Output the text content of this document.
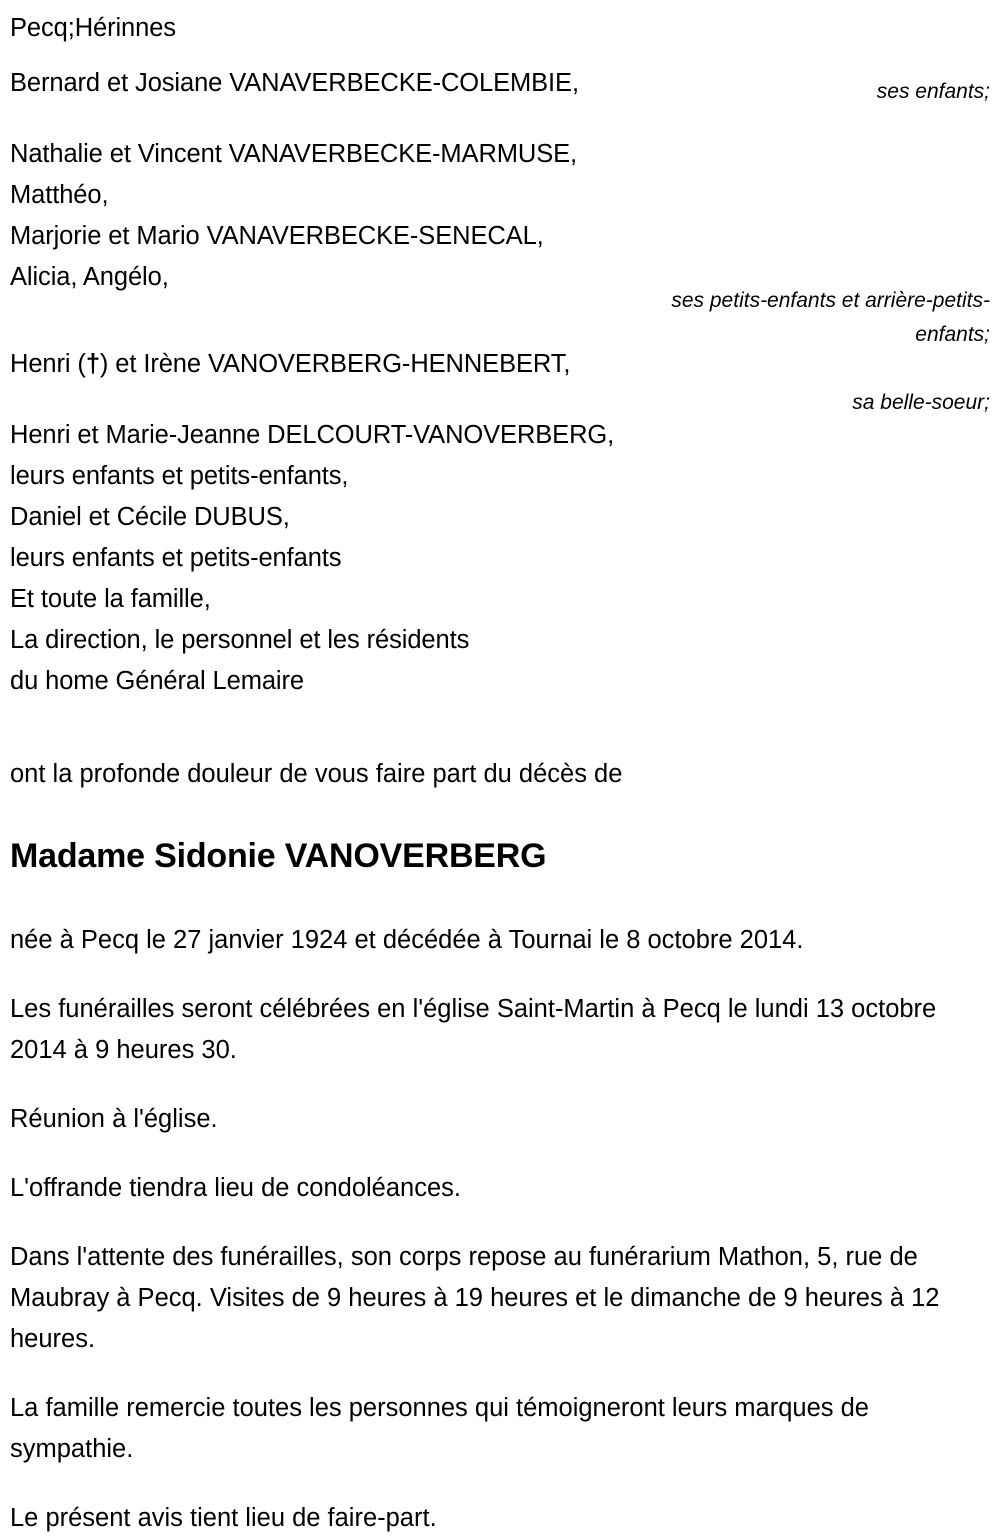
Pecq;Hérinnes
Bernard et Josiane VANAVERBECKE-COLEMBIE,	ses enfants;
Nathalie et Vincent VANAVERBECKE-MARMUSE,
Matthéo,
Marjorie et Mario VANAVERBECKE-SENECAL,
Alicia, Angélo,
ses petits-enfants et arrière-petits-enfants;
Henri (†) et Irène VANOVERBERG-HENNEBERT,
sa belle-soeur;
Henri et Marie-Jeanne DELCOURT-VANOVERBERG,
leurs enfants et petits-enfants,
Daniel et Cécile DUBUS,
leurs enfants et petits-enfants
Et toute la famille,
La direction, le personnel et les résidents
du home Général Lemaire
ont la profonde douleur de vous faire part du décès de
Madame Sidonie VANOVERBERG
née à Pecq le 27 janvier 1924 et décédée à Tournai le 8 octobre 2014.
Les funérailles seront célébrées en l'église Saint-Martin à Pecq le lundi 13 octobre 2014 à 9 heures 30.
Réunion à l'église.
L'offrande tiendra lieu de condoléances.
Dans l'attente des funérailles, son corps repose au funérarium Mathon, 5, rue de Maubray à Pecq. Visites de 9 heures à 19 heures et le dimanche de 9 heures à 12 heures.
La famille remercie toutes les personnes qui témoigneront leurs marques de sympathie.
Le présent avis tient lieu de faire-part.
